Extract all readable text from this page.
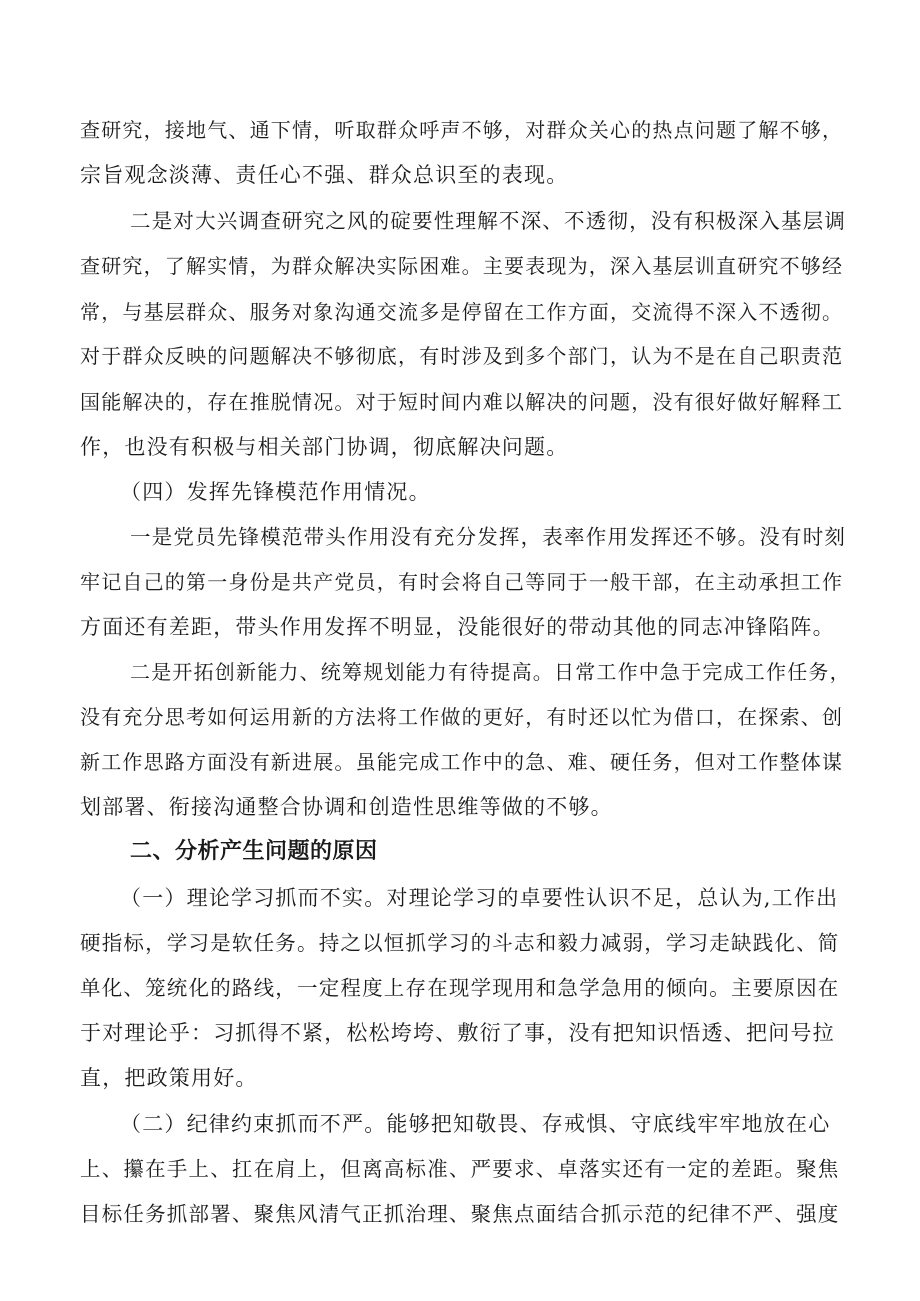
查研究，接地气、通下情，听取群众呼声不够，对群众关心的热点问题了解不够，
宗旨观念淡薄、责任心不强、群众总识至的表现。
二是对大兴调查研究之风的碇要性理解不深、不透彻，没有积极深入基层调
查研究，了解实情，为群众解决实际困难。主要表现为，深入基层训直研究不够经
常，与基层群众、服务对象沟通交流多是停留在工作方面，交流得不深入不透彻。
对于群众反映的问题解决不够彻底，有时涉及到多个部门，认为不是在自己职责范
国能解决的，存在推脱情况。对于短时间内难以解决的问题，没有很好做好解释工
作，也没有积极与相关部门协调，彻底解决问题。
（四）发挥先锋模范作用情况。
一是党员先锋模范带头作用没有充分发挥，表率作用发挥还不够。没有时刻
牢记自己的第一身份是共产党员，有时会将自己等同于一般干部，在主动承担工作
方面还有差距，带头作用发挥不明显，没能很好的带动其他的同志冲锋陷阵。
二是开拓创新能力、统筹规划能力有待提高。日常工作中急于完成工作任务，
没有充分思考如何运用新的方法将工作做的更好，有时还以忙为借口，在探索、创
新工作思路方面没有新进展。虽能完成工作中的急、难、硬任务，但对工作整体谋
划部署、衔接沟通整合协调和创造性思维等做的不够。
二、分析产生问题的原因
（一）理论学习抓而不实。对理论学习的卓要性认识不足，总认为,工作出
硬指标，学习是软任务。持之以恒抓学习的斗志和毅力减弱，学习走缺践化、简
单化、笼统化的路线，一定程度上存在现学现用和急学急用的倾向。主要原因在
于对理论乎：习抓得不紧，松松垮垮、敷衍了事，没有把知识悟透、把问号拉
直，把政策用好。
（二）纪律约束抓而不严。能够把知敬畏、存戒惧、守底线牢牢地放在心
上、攥在手上、扛在肩上，但离高标准、严要求、卓落实还有一定的差距。聚焦
目标任务抓部署、聚焦风清气正抓治理、聚焦点面结合抓示范的纪律不严、强度
